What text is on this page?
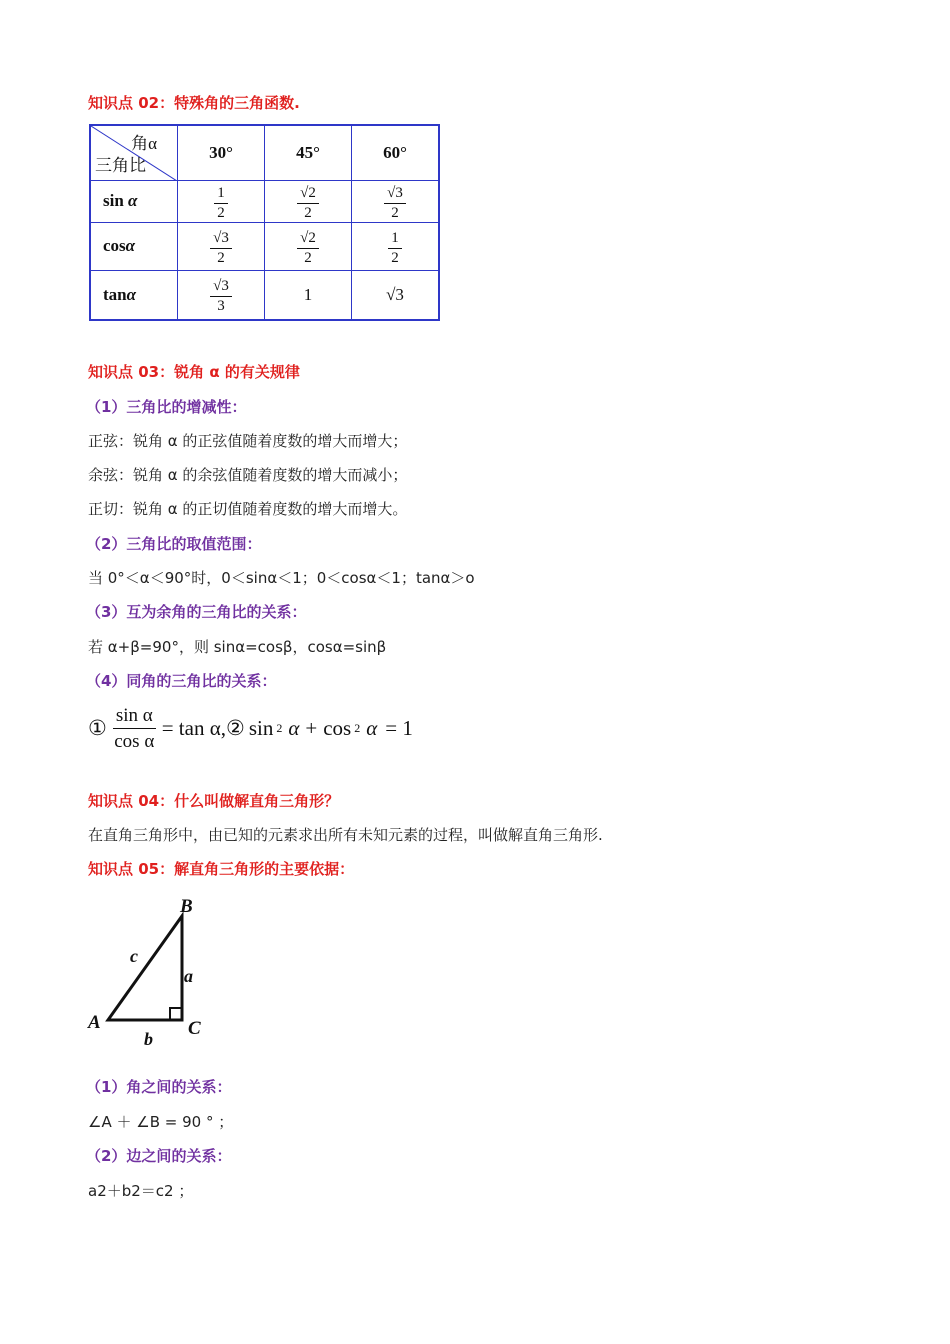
知识点 02：特殊角的三角函数.
角α
三角比	30°	45°	60°
sin α	$\frac{1}{2}$	$\frac{√2}{2}$	$\frac{√3}{2}$

cosα	$\frac{√3}{2}$	$\frac{√2}{2}$	$\frac{1}{2}$

tanα	$\frac{√3}{3}$	1	√3
知识点 03：锐角 α 的有关规律
（1）三角比的增减性：
正弦：锐角 α 的正弦值随着度数的增大而增大；
余弦：锐角 α 的余弦值随着度数的增大而减小；
正切：锐角 α 的正切值随着度数的增大而增大。
（2）三角比的取值范围：
当 0°＜α＜90°时，0＜sinα＜1；0＜cosα＜1；tanα＞o
（3）互为余角的三角比的关系：
若 α+β=90°，则 sinα=cosβ，cosα=sinβ
（4）同角的三角比的关系：
① $\frac{\text{sin α}}{\text{cos α}} = \tan \alpha$, ② sin 2 α + cos 2 α = 1
知识点 04：什么叫做解直角三角形？
在直角三角形中，由已知的元素求出所有未知元素的过程，叫做解直角三角形.
知识点 05：解直角三角形的主要依据：
B
A	C
a
b
c
（1）角之间的关系：
∠A ＋ ∠B = 90 ° ；
（2）边之间的关系：
a2＋b2＝c2 ；
